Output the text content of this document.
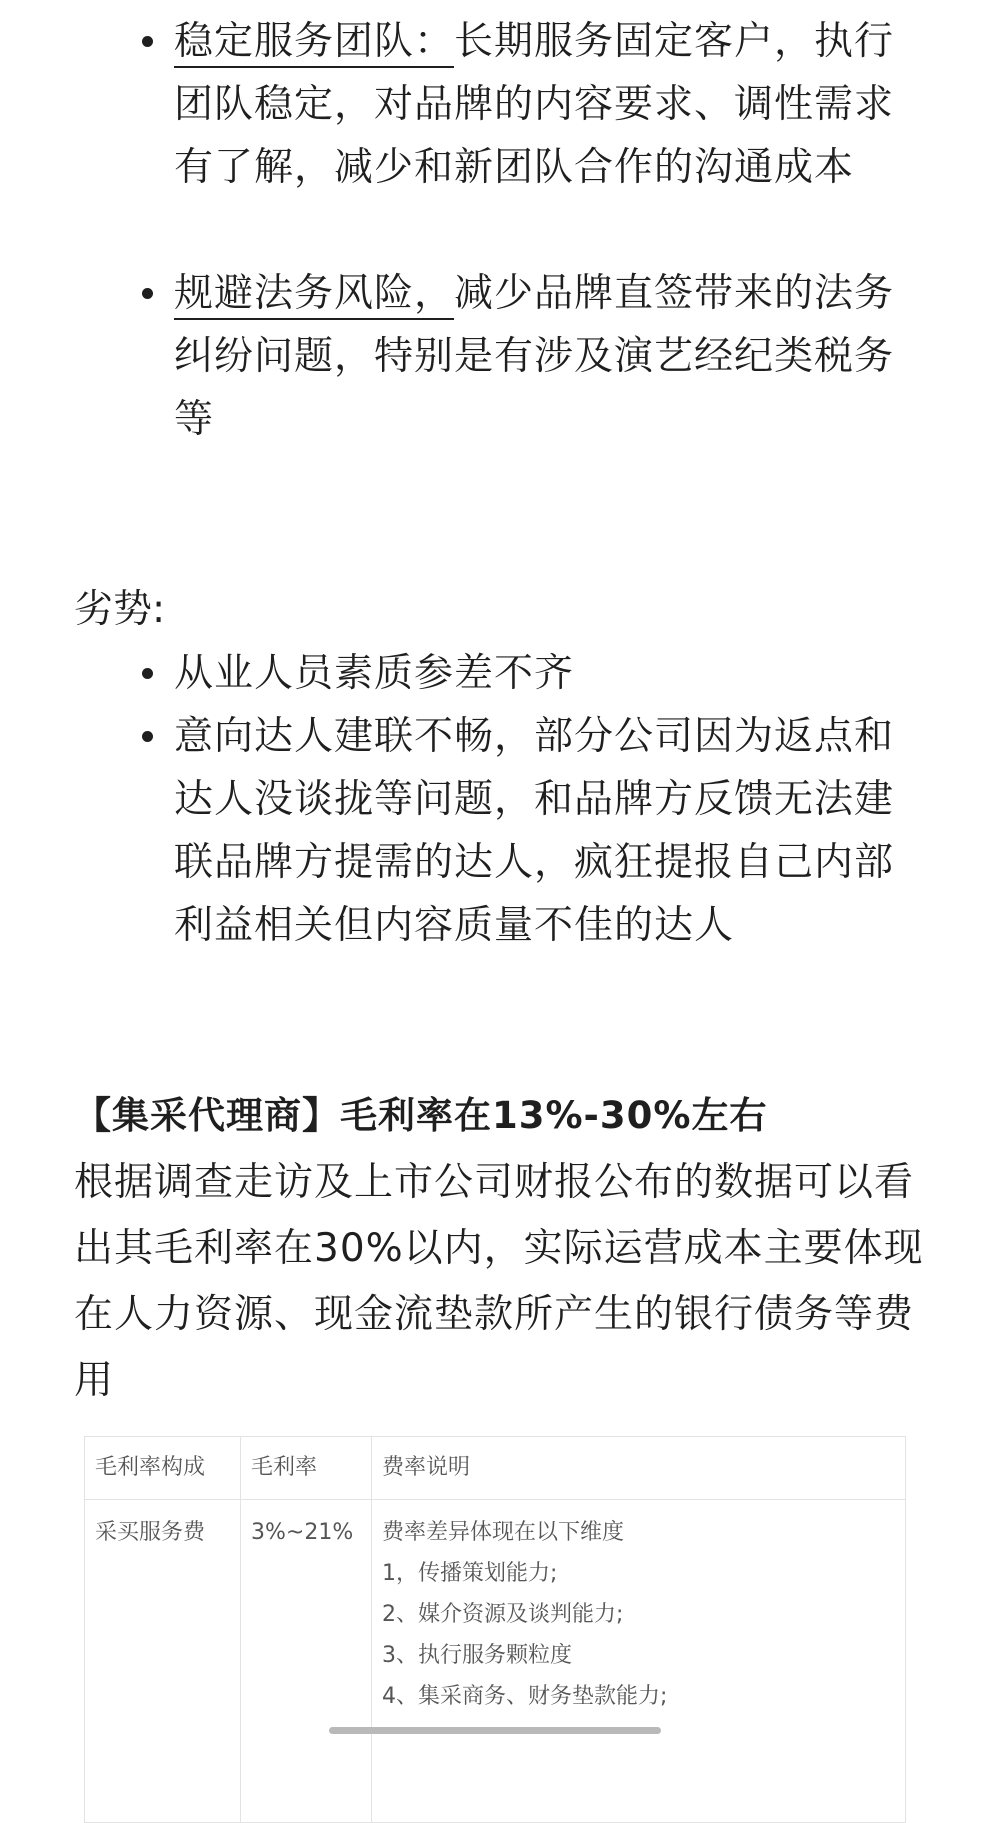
稳定服务团队：长期服务固定客户，执行团队稳定，对品牌的内容要求、调性需求有了解，减少和新团队合作的沟通成本
规避法务风险，减少品牌直签带来的法务纠纷问题，特别是有涉及演艺经纪类税务等

劣势:

从业人员素质参差不齐
意向达人建联不畅，部分公司因为返点和达人没谈拢等问题，和品牌方反馈无法建联品牌方提需的达人，疯狂提报自己内部利益相关但内容质量不佳的达人
【集采代理商】毛利率在13%-30%左右

根据调查走访及上市公司财报公布的数据可以看出其毛利率在30%以内，实际运营成本主要体现在人力资源、现金流垫款所产生的银行债务等费用

毛利率构成	毛利率	费率说明
采买服务费	3%~21%	费率差异体现在以下维度
1，传播策划能力;
2、媒介资源及谈判能力;
3、执行服务颗粒度
4、集采商务、财务垫款能力;
